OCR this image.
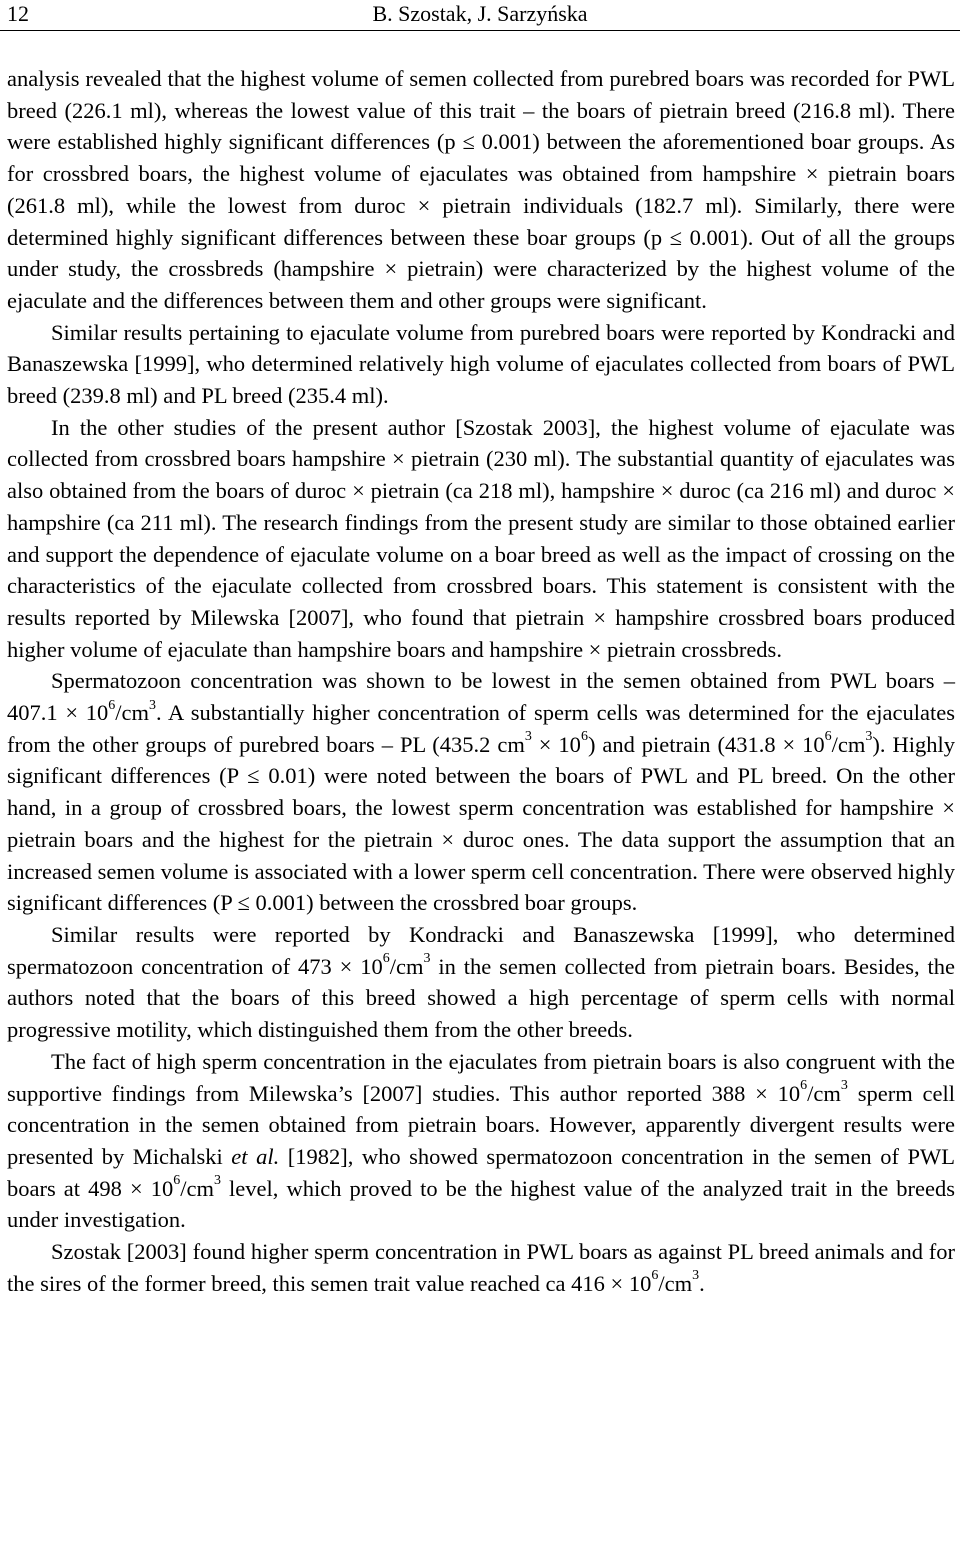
12	B. Szostak, J. Sarzyńska

analysis revealed that the highest volume of semen collected from purebred boars was recorded for PWL breed (226.1 ml), whereas the lowest value of this trait – the boars of pietrain breed (216.8 ml). There were established highly significant differences (p ≤ 0.001) between the aforementioned boar groups. As for crossbred boars, the highest volume of ejaculates was obtained from hampshire × pietrain boars (261.8 ml), while the lowest from duroc × pietrain individuals (182.7 ml). Similarly, there were determined highly significant differences between these boar groups (p ≤ 0.001). Out of all the groups under study, the crossbreds (hampshire × pietrain) were characterized by the highest volume of the ejaculate and the differences between them and other groups were significant.

Similar results pertaining to ejaculate volume from purebred boars were reported by Kondracki and Banaszewska [1999], who determined relatively high volume of ejaculates collected from boars of PWL breed (239.8 ml) and PL breed (235.4 ml).

In the other studies of the present author [Szostak 2003], the highest volume of ejaculate was collected from crossbred boars hampshire × pietrain (230 ml). The substantial quantity of ejaculates was also obtained from the boars of duroc × pietrain (ca 218 ml), hampshire × duroc (ca 216 ml) and duroc × hampshire (ca 211 ml). The research findings from the present study are similar to those obtained earlier and support the dependence of ejaculate volume on a boar breed as well as the impact of crossing on the characteristics of the ejaculate collected from crossbred boars. This statement is consistent with the results reported by Milewska [2007], who found that pietrain × hampshire crossbred boars produced higher volume of ejaculate than hampshire boars and hampshire × pietrain crossbreds.

Spermatozoon concentration was shown to be lowest in the semen obtained from PWL boars – $407.1 \times 10^6/cm^3$. A substantially higher concentration of sperm cells was determined for the ejaculates from the other groups of purebred boars – PL (435.2 $cm^3 \times 10^6$) and pietrain $(431.8 \times 10^6/cm^3)$. Highly significant differences (P ≤ 0.01) were noted between the boars of PWL and PL breed. On the other hand, in a group of crossbred boars, the lowest sperm concentration was established for hampshire × pietrain boars and the highest for the pietrain × duroc ones. The data support the assumption that an increased semen volume is associated with a lower sperm cell concentration. There were observed highly significant differences (P ≤ 0.001) between the crossbred boar groups.

Similar results were reported by Kondracki and Banaszewska [1999], who determined spermatozoon concentration of $473 \times 10^6/cm^3$ in the semen collected from pietrain boars. Besides, the authors noted that the boars of this breed showed a high percentage of sperm cells with normal progressive motility, which distinguished them from the other breeds.

The fact of high sperm concentration in the ejaculates from pietrain boars is also congruent with the supportive findings from Milewska’s [2007] studies. This author reported $388 \times 10^6/cm^3$ sperm cell concentration in the semen obtained from pietrain boars. However, apparently divergent results were presented by Michalski et al. [1982], who showed spermatozoon concentration in the semen of PWL boars at $498 \times 10^6/cm^3$ level, which proved to be the highest value of the analyzed trait in the breeds under investigation.

Szostak [2003] found higher sperm concentration in PWL boars as against PL breed animals and for the sires of the former breed, this semen trait value reached ca $416 \times 10^6/cm^3$.
